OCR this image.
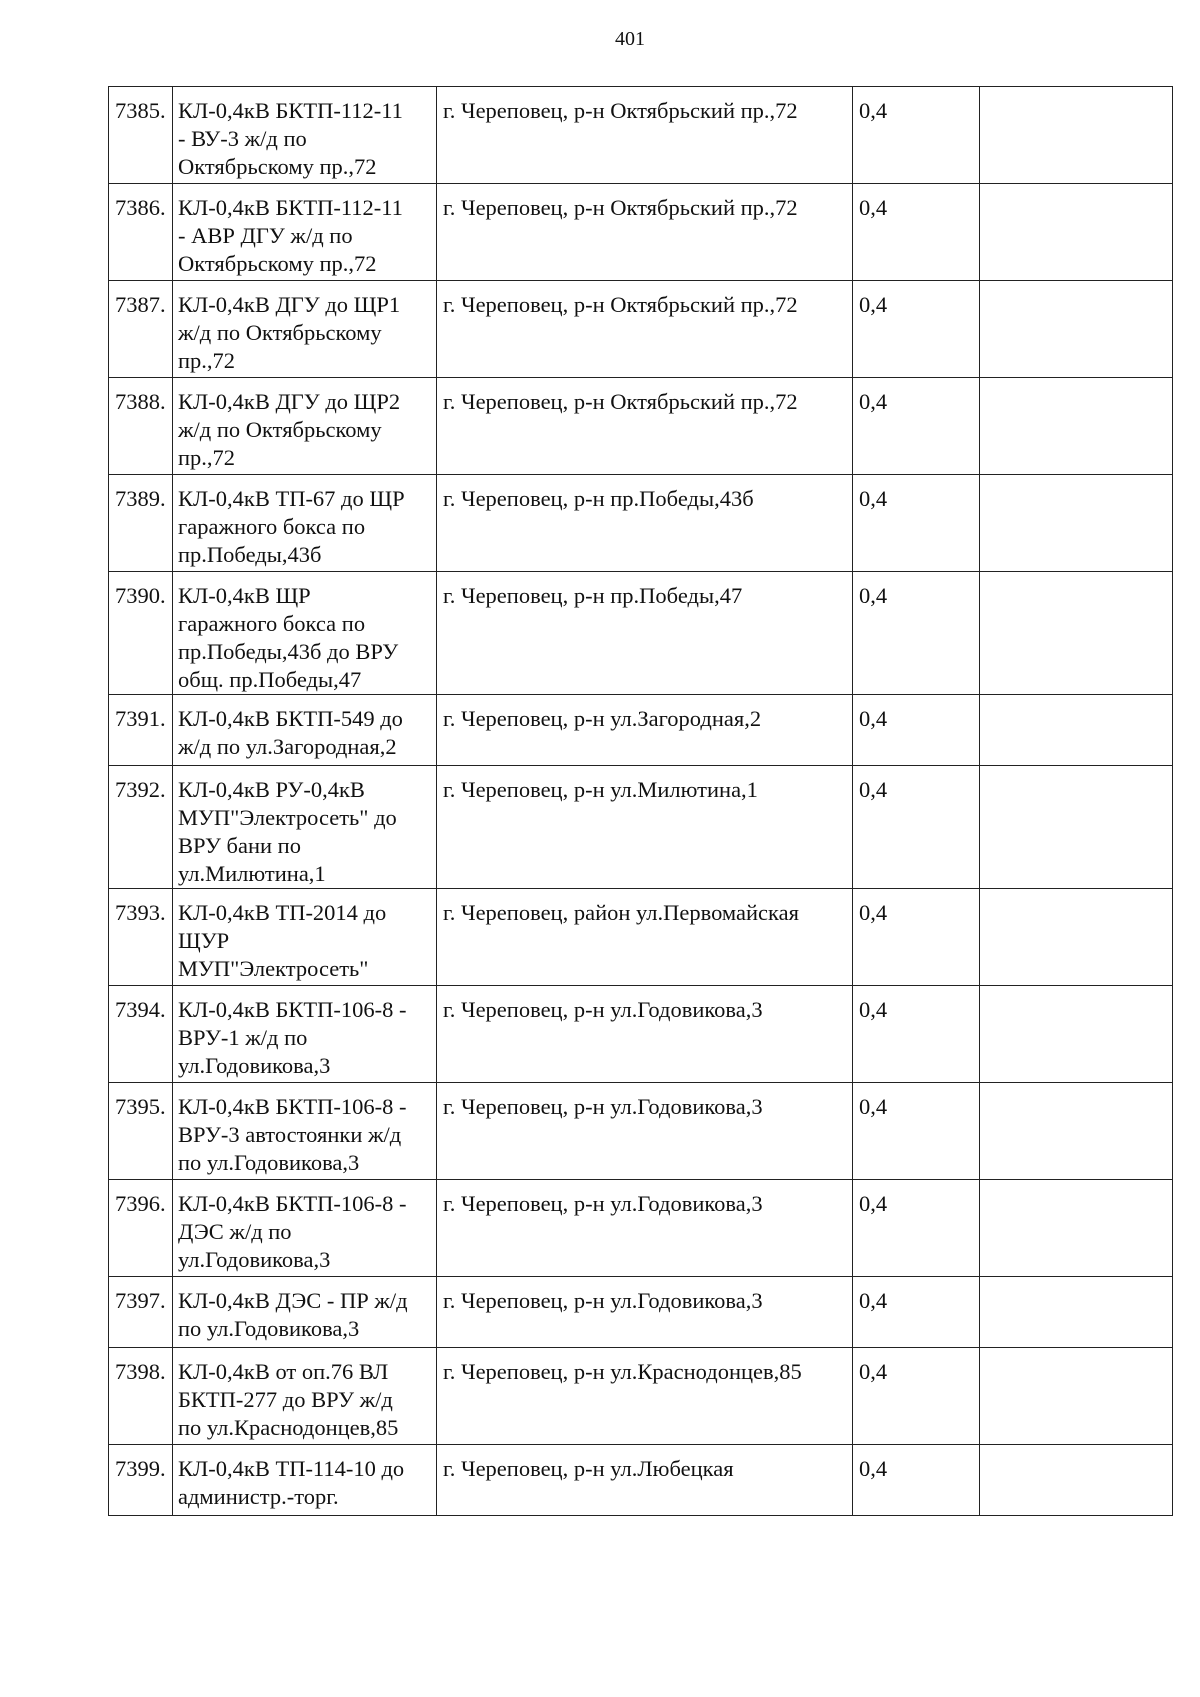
401
7385.	КЛ-0,4кВ БКТП-112-11
- ВУ-3 ж/д по
Октябрьскому пр.,72	г. Череповец, р-н Октябрьский пр.,72	0,4	
7386.	КЛ-0,4кВ БКТП-112-11
- АВР ДГУ ж/д по
Октябрьскому пр.,72	г. Череповец, р-н Октябрьский пр.,72	0,4	
7387.	КЛ-0,4кВ ДГУ до ЩР1
ж/д по Октябрьскому
пр.,72	г. Череповец, р-н Октябрьский пр.,72	0,4	
7388.	КЛ-0,4кВ ДГУ до ЩР2
ж/д по Октябрьскому
пр.,72	г. Череповец, р-н Октябрьский пр.,72	0,4	
7389.	КЛ-0,4кВ ТП-67 до ЩР
гаражного бокса по
пр.Победы,43б	г. Череповец, р-н пр.Победы,43б	0,4	
7390.	КЛ-0,4кВ ЩР
гаражного бокса по
пр.Победы,43б до ВРУ
общ. пр.Победы,47	г. Череповец, р-н пр.Победы,47	0,4	
7391.	КЛ-0,4кВ БКТП-549 до
ж/д по ул.Загородная,2	г. Череповец, р-н ул.Загородная,2	0,4	
7392.	КЛ-0,4кВ РУ-0,4кВ
МУП"Электросеть" до
ВРУ бани по
ул.Милютина,1	г. Череповец, р-н ул.Милютина,1	0,4	
7393.	КЛ-0,4кВ ТП-2014 до
ЩУР
МУП"Электросеть"	г. Череповец, район ул.Первомайская	0,4	
7394.	КЛ-0,4кВ БКТП-106-8 -
ВРУ-1 ж/д по
ул.Годовикова,3	г. Череповец, р-н ул.Годовикова,3	0,4	
7395.	КЛ-0,4кВ БКТП-106-8 -
ВРУ-3 автостоянки ж/д
по ул.Годовикова,3	г. Череповец, р-н ул.Годовикова,3	0,4	
7396.	КЛ-0,4кВ БКТП-106-8 -
ДЭС ж/д по
ул.Годовикова,3	г. Череповец, р-н ул.Годовикова,3	0,4	
7397.	КЛ-0,4кВ ДЭС - ПР ж/д
по ул.Годовикова,3	г. Череповец, р-н ул.Годовикова,3	0,4	
7398.	КЛ-0,4кВ от оп.76 ВЛ
БКТП-277 до ВРУ ж/д
по ул.Краснодонцев,85	г. Череповец, р-н ул.Краснодонцев,85	0,4	
7399.	КЛ-0,4кВ ТП-114-10 до
администр.-торг.	г. Череповец, р-н ул.Любецкая	0,4	
